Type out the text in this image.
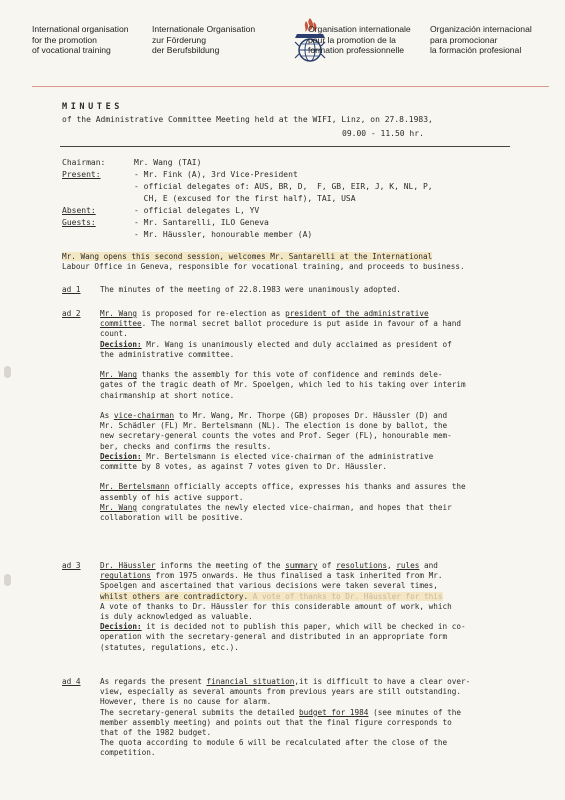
International organisation
for the promotion
of vocational training
Internationale Organisation
zur Förderung
der Berufsbildung
Organisation internationale
pour la promotion de la
formation professionnelle
Organización internacional
para promocionar
la formación profesional
MINUTES
of the Administrative Committee Meeting held at the WIFI, Linz, on 27.8.1983,
09.00 - 11.50 hr.
Chairman:	Mr. Wang (TAI)
Present:	- Mr. Fink (A), 3rd Vice-President
- official delegates of: AUS, BR, D,  F, GB, EIR, J, K, NL, P,
CH, E (excused for the first half), TAI, USA
Absent:	- official delegates L, YV
Guests:	- Mr. Santarelli, ILO Geneva
- Mr. Häussler, honourable member (A)
Mr. Wang opens this second session, welcomes Mr. Santarelli at the International
Labour Office in Geneva, responsible for vocational training, and proceeds to business.
ad 1	The minutes of the meeting of 22.8.1983 were unanimously adopted.
ad 2	Mr. Wang is proposed for re-election as president of the administrative
committee. The normal secret ballot procedure is put aside in favour of a hand
count.
Decision: Mr. Wang is unanimously elected and duly acclaimed as president of
the administrative committee.

Mr. Wang thanks the assembly for this vote of confidence and reminds dele-
gates of the tragic death of Mr. Spoelgen, which led to his taking over interim
chairmanship at short notice.

As vice-chairman to Mr. Wang, Mr. Thorpe (GB) proposes Dr. Häussler (D) and
Mr. Schädler (FL) Mr. Bertelsmann (NL). The election is done by ballot, the
new secretary-general counts the votes and Prof. Seger (FL), honourable mem-
ber, checks and confirms the results.
Decision: Mr. Bertelsmann is elected vice-chairman of the administrative
committe by 8 votes, as against 7 votes given to Dr. Häussler.

Mr. Bertelsmann officially accepts office, expresses his thanks and assures the
assembly of his active support.
Mr. Wang congratulates the newly elected vice-chairman, and hopes that their
collaboration will be positive.
ad 3	Dr. Häussler informs the meeting of the summary of resolutions, rules and
regulations from 1975 onwards. He thus finalised a task inherited from Mr.
Spoelgen and ascertained that various decisions were taken several times,
whilst others are contradictory. A vote of thanks to Dr. Häussler for this
A vote of thanks to Dr. Häussler for this considerable amount of work, which
is duly acknowledged as valuable.
Decision: it is decided not to publish this paper, which will be checked in co-
operation with the secretary-general and distributed in an appropriate form
(statutes, regulations, etc.).
ad 4	As regards the present financial situation,it is difficult to have a clear over-
view, especially as several amounts from previous years are still outstanding.
However, there is no cause for alarm.
The secretary-general submits the detailed budget for 1984 (see minutes of the
member assembly meeting) and points out that the final figure corresponds to
that of the 1982 budget.
The quota according to module 6 will be recalculated after the close of the
competition.
